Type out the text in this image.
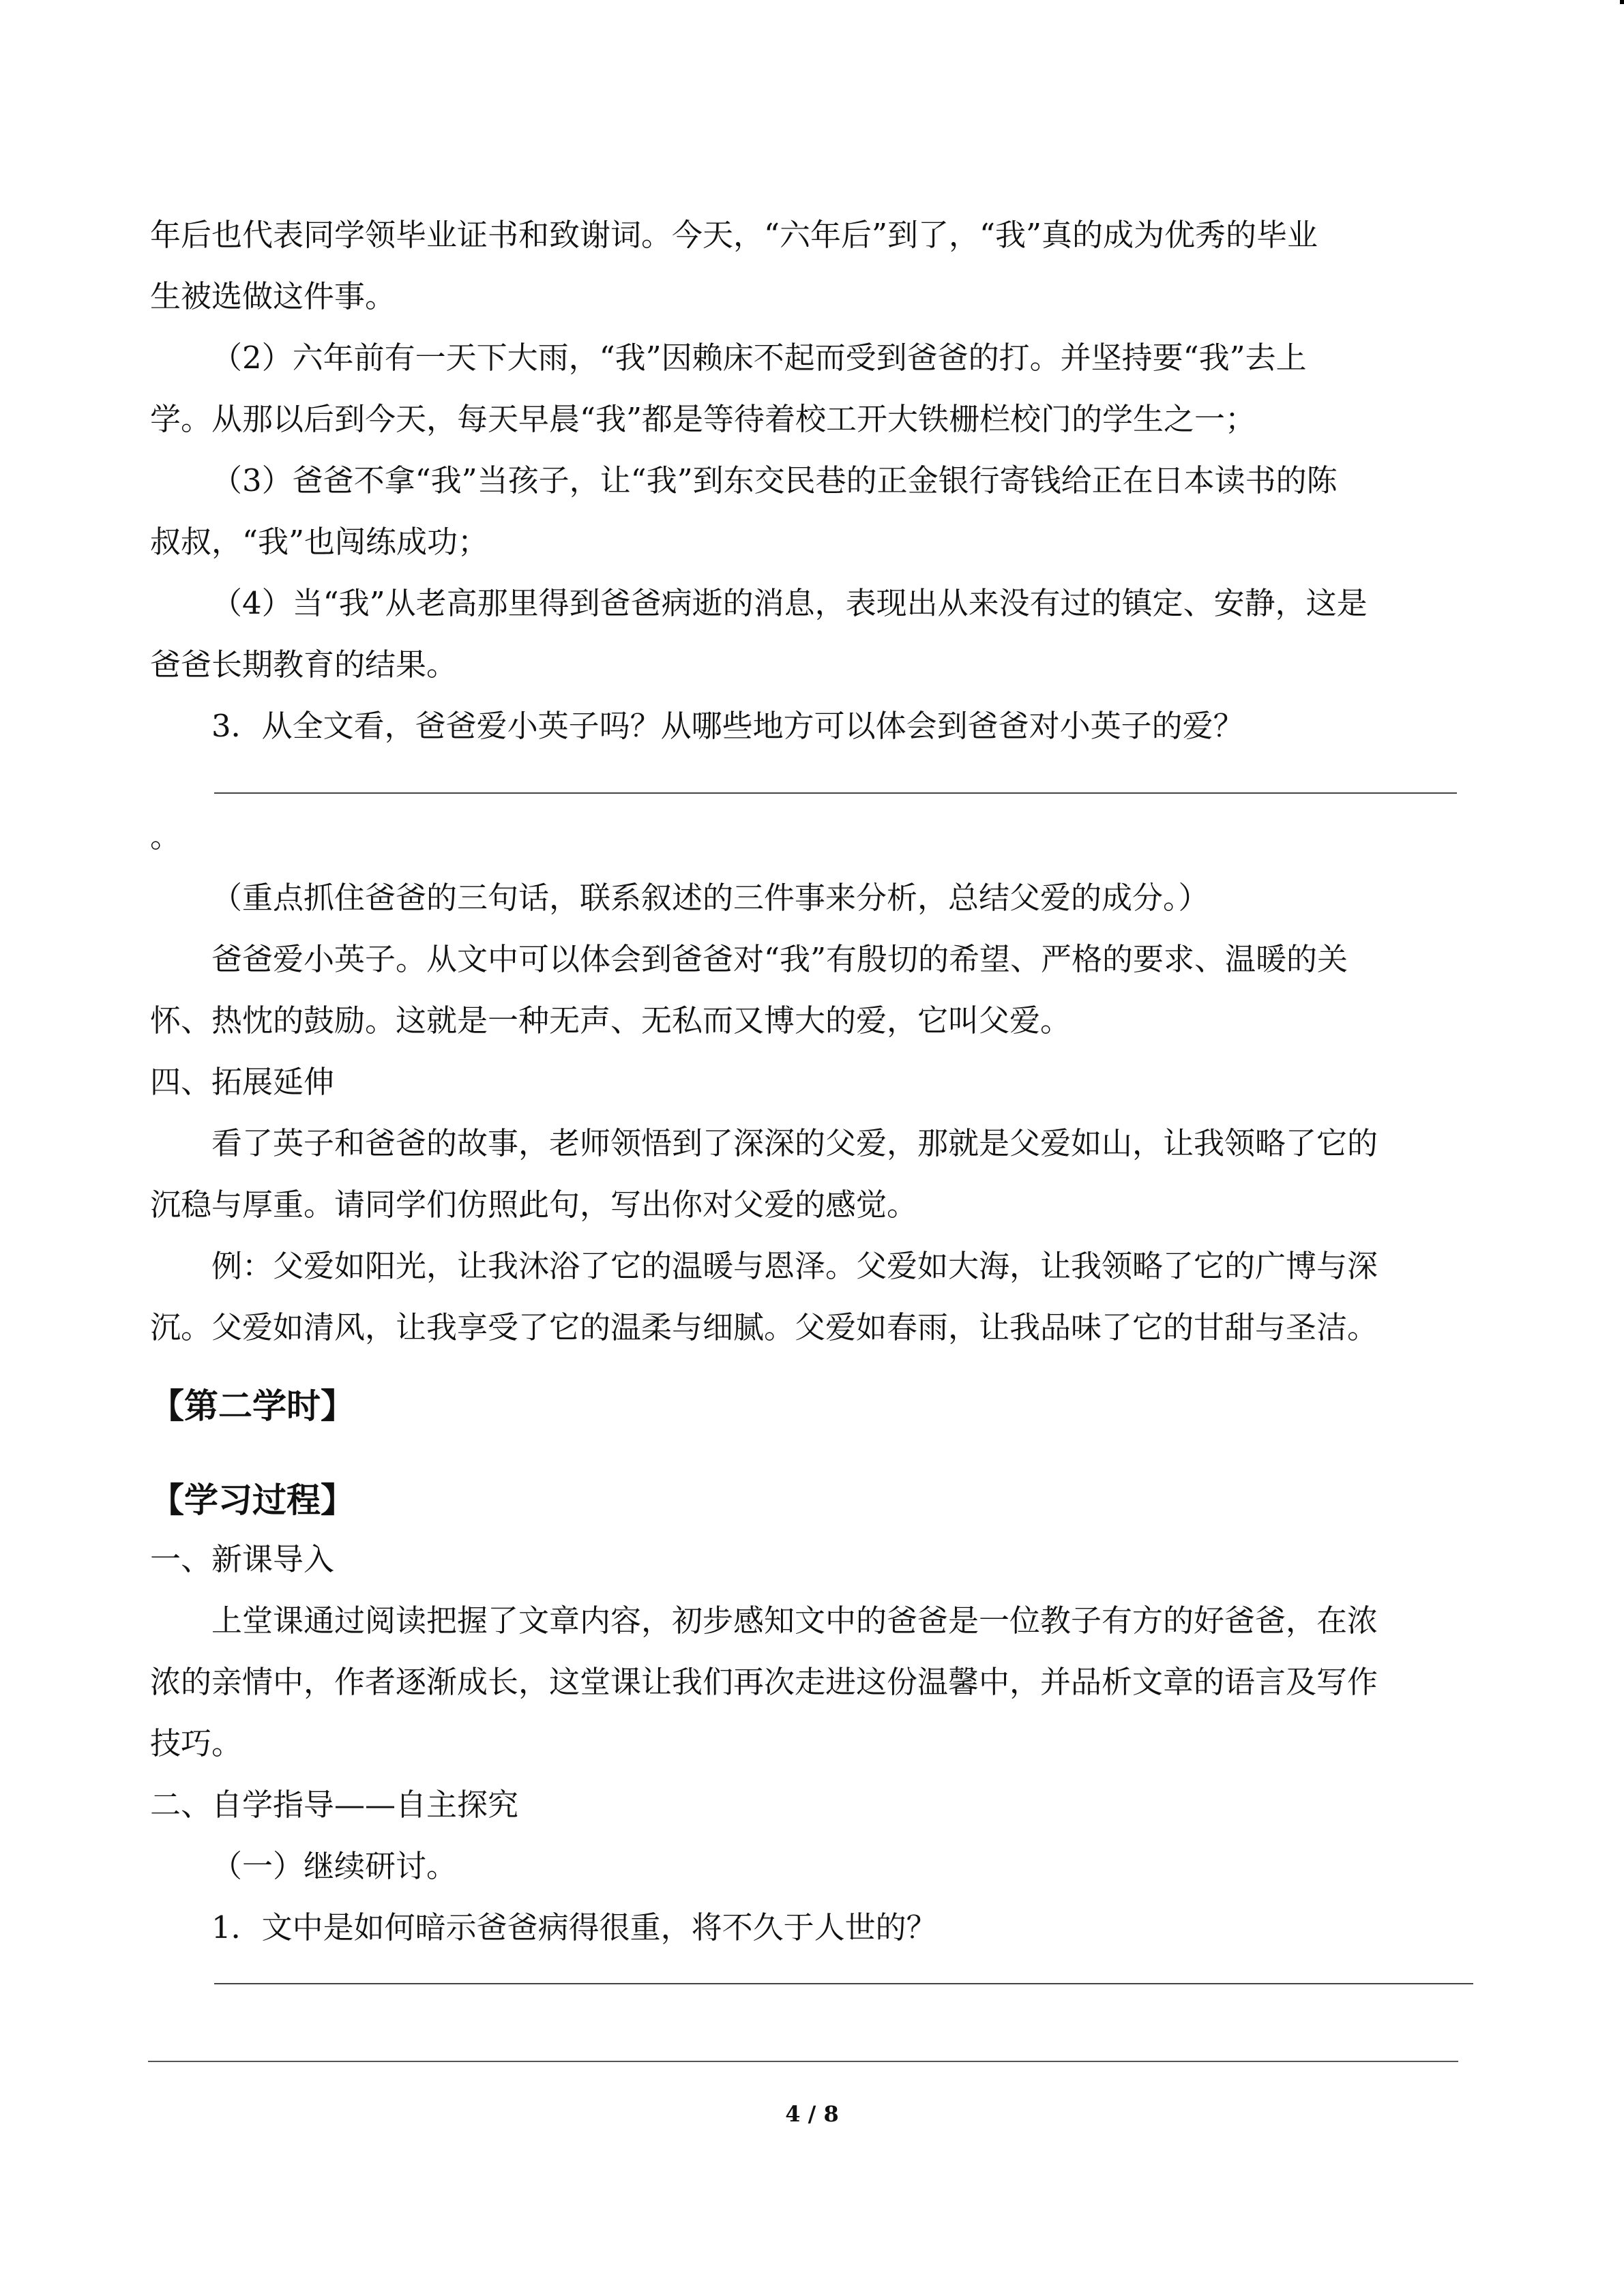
年后也代表同学领毕业证书和致谢词。今天，“六年后”到了，“我”真的成为优秀的毕业

生被选做这件事。

（2）六年前有一天下大雨，“我”因赖床不起而受到爸爸的打。并坚持要“我”去上

学。从那以后到今天，每天早晨“我”都是等待着校工开大铁栅栏校门的学生之一；

（3）爸爸不拿“我”当孩子，让“我”到东交民巷的正金银行寄钱给正在日本读书的陈

叔叔，“我”也闯练成功；

（4）当“我”从老高那里得到爸爸病逝的消息，表现出从来没有过的镇定、安静，这是

爸爸长期教育的结果。

3．从全文看，爸爸爱小英子吗？从哪些地方可以体会到爸爸对小英子的爱？

。

（重点抓住爸爸的三句话，联系叙述的三件事来分析，总结父爱的成分。）

爸爸爱小英子。从文中可以体会到爸爸对“我”有殷切的希望、严格的要求、温暖的关

怀、热忱的鼓励。这就是一种无声、无私而又博大的爱，它叫父爱。

四、拓展延伸

看了英子和爸爸的故事，老师领悟到了深深的父爱，那就是父爱如山，让我领略了它的

沉稳与厚重。请同学们仿照此句，写出你对父爱的感觉。

例：父爱如阳光，让我沐浴了它的温暖与恩泽。父爱如大海，让我领略了它的广博与深

沉。父爱如清风，让我享受了它的温柔与细腻。父爱如春雨，让我品味了它的甘甜与圣洁。

【第二学时】
【学习过程】

一、新课导入

上堂课通过阅读把握了文章内容，初步感知文中的爸爸是一位教子有方的好爸爸，在浓

浓的亲情中，作者逐渐成长，这堂课让我们再次走进这份温馨中，并品析文章的语言及写作

技巧。

二、自学指导——自主探究

（一）继续研讨。

1．文中是如何暗示爸爸病得很重，将不久于人世的？

4 / 8
